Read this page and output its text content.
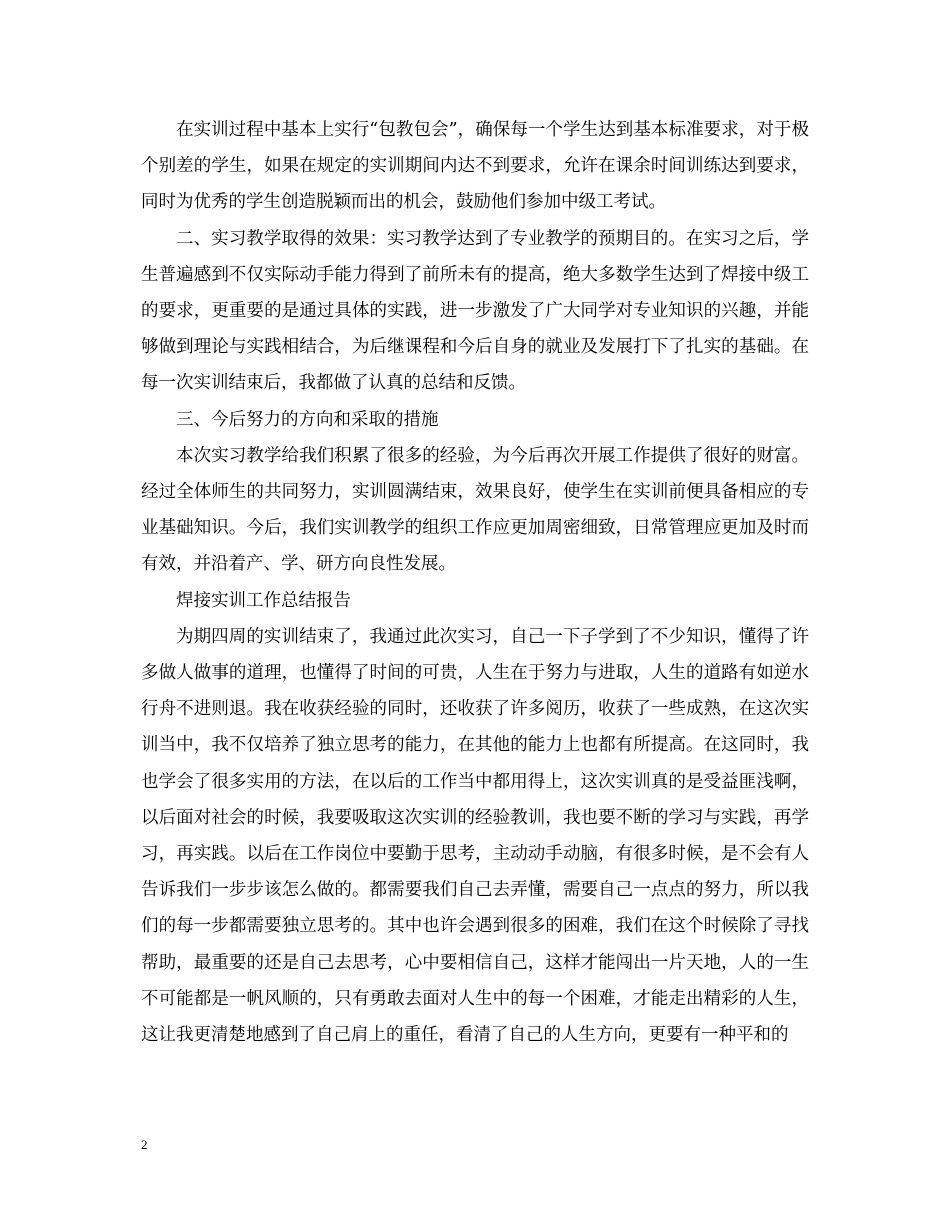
在实训过程中基本上实行“包教包会”，确保每一个学生达到基本标准要求，对于极个别差的学生，如果在规定的实训期间内达不到要求，允许在课余时间训练达到要求，同时为优秀的学生创造脱颖而出的机会，鼓励他们参加中级工考试。

二、实习教学取得的效果：实习教学达到了专业教学的预期目的。在实习之后，学生普遍感到不仅实际动手能力得到了前所未有的提高，绝大多数学生达到了焊接中级工的要求，更重要的是通过具体的实践，进一步激发了广大同学对专业知识的兴趣，并能够做到理论与实践相结合，为后继课程和今后自身的就业及发展打下了扎实的基础。在每一次实训结束后，我都做了认真的总结和反馈。

三、今后努力的方向和采取的措施

本次实习教学给我们积累了很多的经验，为今后再次开展工作提供了很好的财富。经过全体师生的共同努力，实训圆满结束，效果良好，使学生在实训前便具备相应的专业基础知识。今后，我们实训教学的组织工作应更加周密细致，日常管理应更加及时而有效，并沿着产、学、研方向良性发展。

焊接实训工作总结报告

为期四周的实训结束了，我通过此次实习，自己一下子学到了不少知识，懂得了许多做人做事的道理，也懂得了时间的可贵，人生在于努力与进取，人生的道路有如逆水行舟不进则退。我在收获经验的同时，还收获了许多阅历，收获了一些成熟，在这次实训当中，我不仅培养了独立思考的能力，在其他的能力上也都有所提高。在这同时，我也学会了很多实用的方法，在以后的工作当中都用得上，这次实训真的是受益匪浅啊，以后面对社会的时候，我要吸取这次实训的经验教训，我也要不断的学习与实践，再学习，再实践。以后在工作岗位中要勤于思考，主动动手动脑，有很多时候，是不会有人告诉我们一步步该怎么做的。都需要我们自己去弄懂，需要自己一点点的努力，所以我们的每一步都需要独立思考的。其中也许会遇到很多的困难，我们在这个时候除了寻找帮助，最重要的还是自己去思考，心中要相信自己，这样才能闯出一片天地，人的一生不可能都是一帆风顺的，只有勇敢去面对人生中的每一个困难，才能走出精彩的人生，这让我更清楚地感到了自己肩上的重任，看清了自己的人生方向，更要有一种平和的

2
